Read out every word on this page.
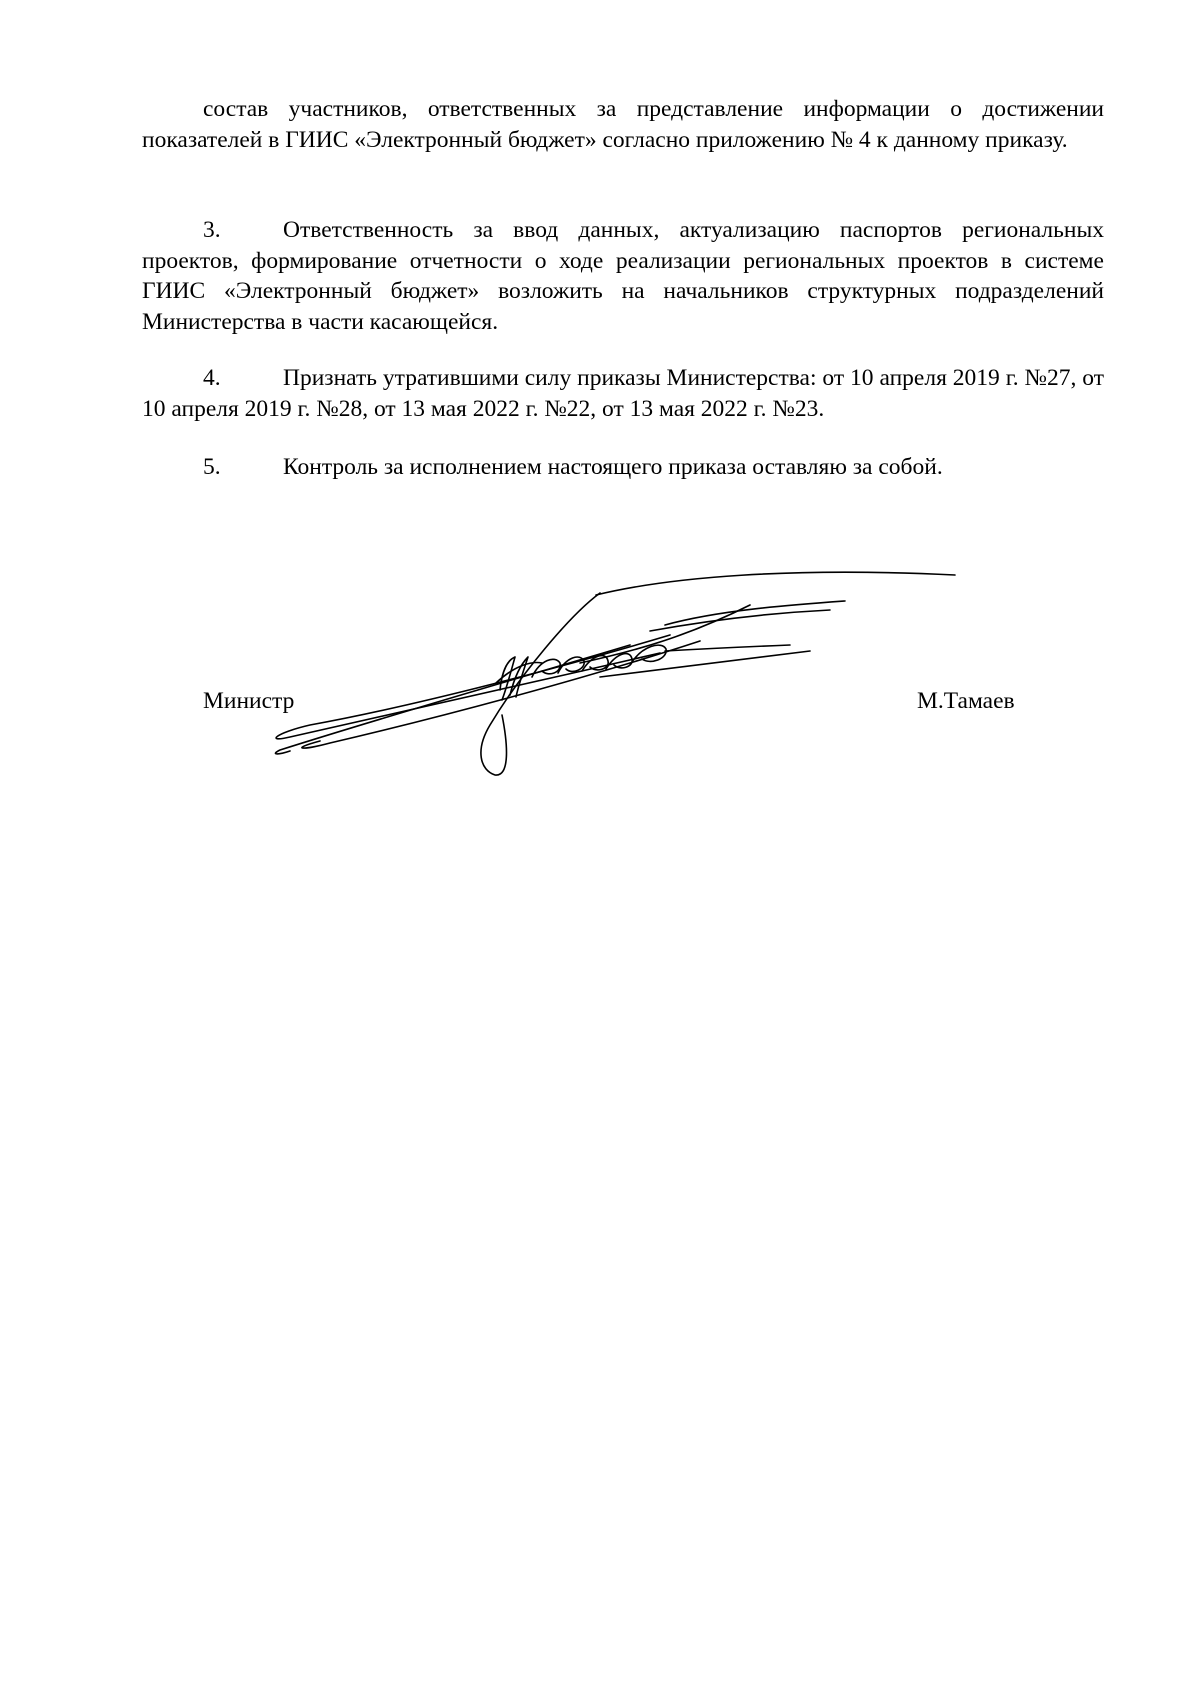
состав участников, ответственных за представление информации о достижении показателей в ГИИС «Электронный бюджет» согласно приложению № 4 к данному приказу.

3.	Ответственность за ввод данных, актуализацию паспортов региональных проектов, формирование отчетности о ходе реализации региональных проектов в системе ГИИС «Электронный бюджет» возложить на начальников структурных подразделений Министерства в части касающейся.

4.	Признать утратившими силу приказы Министерства: от 10 апреля 2019 г. №27, от 10 апреля 2019 г. №28, от 13 мая 2022 г. №22, от 13 мая 2022 г. №23.

5.	Контроль за исполнением настоящего приказа оставляю за собой.

Министр	М.Тамаев
